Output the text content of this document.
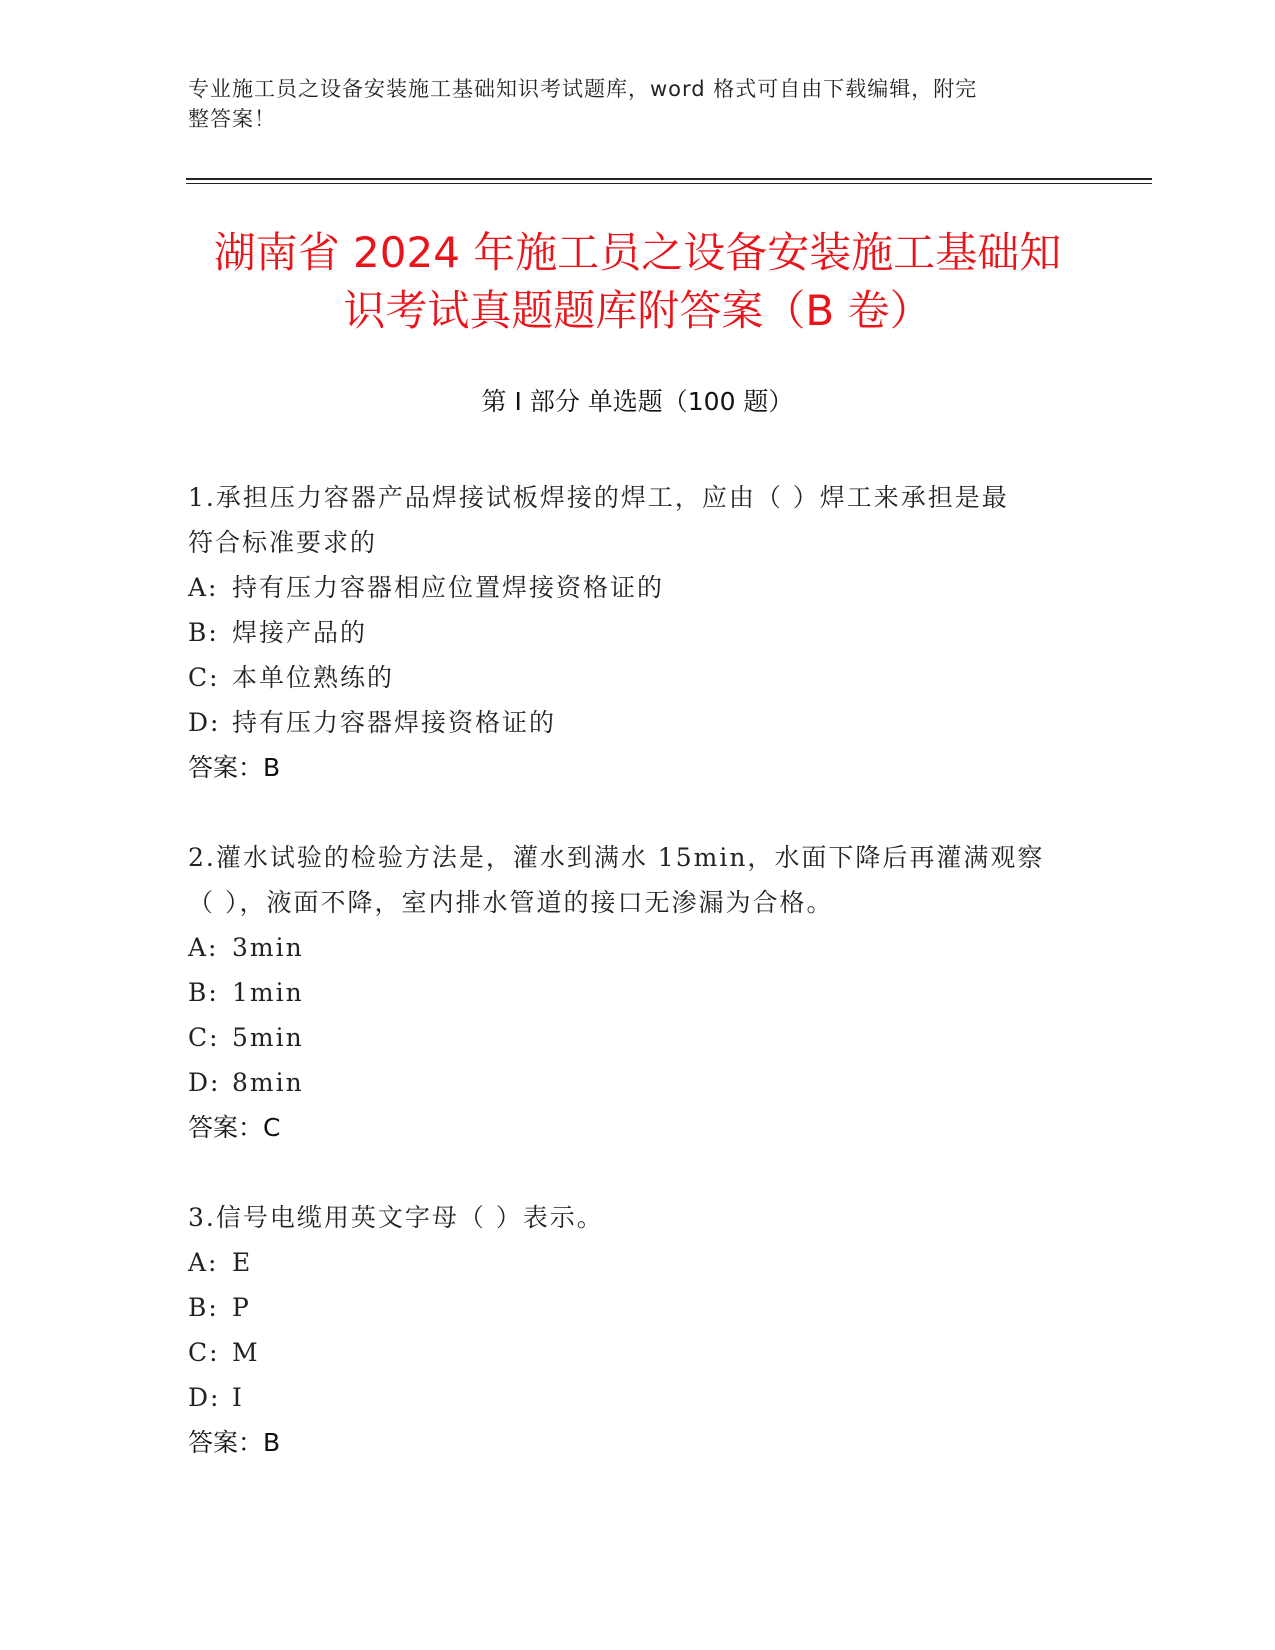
专业施工员之设备安装施工基础知识考试题库，word 格式可自由下载编辑，附完
整答案！
湖南省 2024 年施工员之设备安装施工基础知
识考试真题题库附答案（B 卷）
第 I 部分 单选题（100 题）
1.承担压力容器产品焊接试板焊接的焊工，应由（ ）焊工来承担是最
符合标准要求的
A: 持有压力容器相应位置焊接资格证的
B: 焊接产品的
C: 本单位熟练的
D: 持有压力容器焊接资格证的
答案：B
2.灌水试验的检验方法是，灌水到满水 15min，水面下降后再灌满观察
（ ），液面不降，室内排水管道的接口无渗漏为合格。
A: 3min
B: 1min
C: 5min
D: 8min
答案：C
3.信号电缆用英文字母（ ）表示。
A: E
B: P
C: M
D: I
答案：B
